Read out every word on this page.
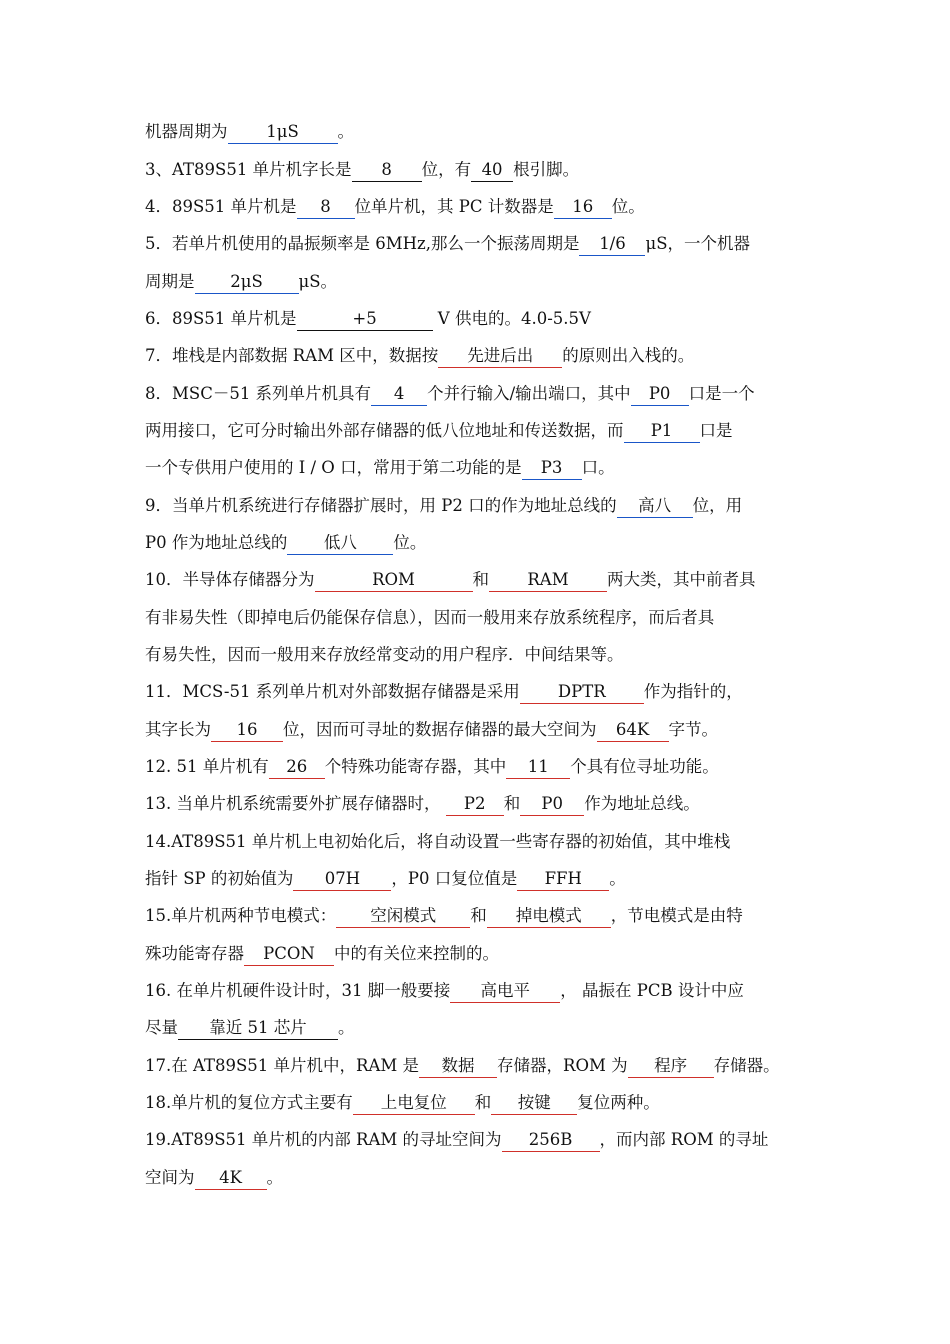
机器周期为 1μS 。
3、AT89S51 单片机字长是 8 位，有 40 根引脚。
4．89S51 单片机是 8 位单片机，其 PC 计数器是 16 位。
5．若单片机使用的晶振频率是 6MHz,那么一个振荡周期是 1/6 μS，一个机器
周期是 2μS μS。
6．89S51 单片机是	+5	V 供电的。4.0-5.5V
7．堆栈是内部数据 RAM 区中，数据按 先进后出 的原则出入栈的。
8．MSC－51 系列单片机具有 4 个并行输入/输出端口，其中 P0 口是一个
两用接口，它可分时输出外部存储器的低八位地址和传送数据，而 P1 口是
一个专供用户使用的 I / O 口，常用于第二功能的是 P3 口。
9．当单片机系统进行存储器扩展时，用 P2 口的作为地址总线的 高八 位，用
P0 作为地址总线的 低八 位。
10．半导体存储器分为	ROM	和 RAM 两大类，其中前者具
有非易失性（即掉电后仍能保存信息），因而一般用来存放系统程序，而后者具
有易失性，因而一般用来存放经常变动的用户程序．中间结果等。
11．MCS-51 系列单片机对外部数据存储器是采用 DPTR 作为指针的，
其字长为 16 位，因而可寻址的数据存储器的最大空间为 64K 字节。
12. 51 单片机有 26 个特殊功能寄存器，其中 11 个具有位寻址功能。
13. 当单片机系统需要外扩展存储器时， P2 和 P0 作为地址总线。
14.AT89S51 单片机上电初始化后，将自动设置一些寄存器的初始值，其中堆栈
指针 SP 的初始值为 07H ，P0 口复位值是 FFH 。
15.单片机两种节电模式： 空闲模式 和 掉电模式 ，节电模式是由特
殊功能寄存器 PCON 中的有关位来控制的。
16. 在单片机硬件设计时，31 脚一般要接 高电平 ， 晶振在 PCB 设计中应
尽量 靠近 51 芯片 。
17.在 AT89S51 单片机中，RAM 是 数据 存储器，ROM 为 程序 存储器。
18.单片机的复位方式主要有 上电复位 和 按键 复位两种。
19.AT89S51 单片机的内部 RAM 的寻址空间为 256B ，而内部 ROM 的寻址
空间为 4K 。
